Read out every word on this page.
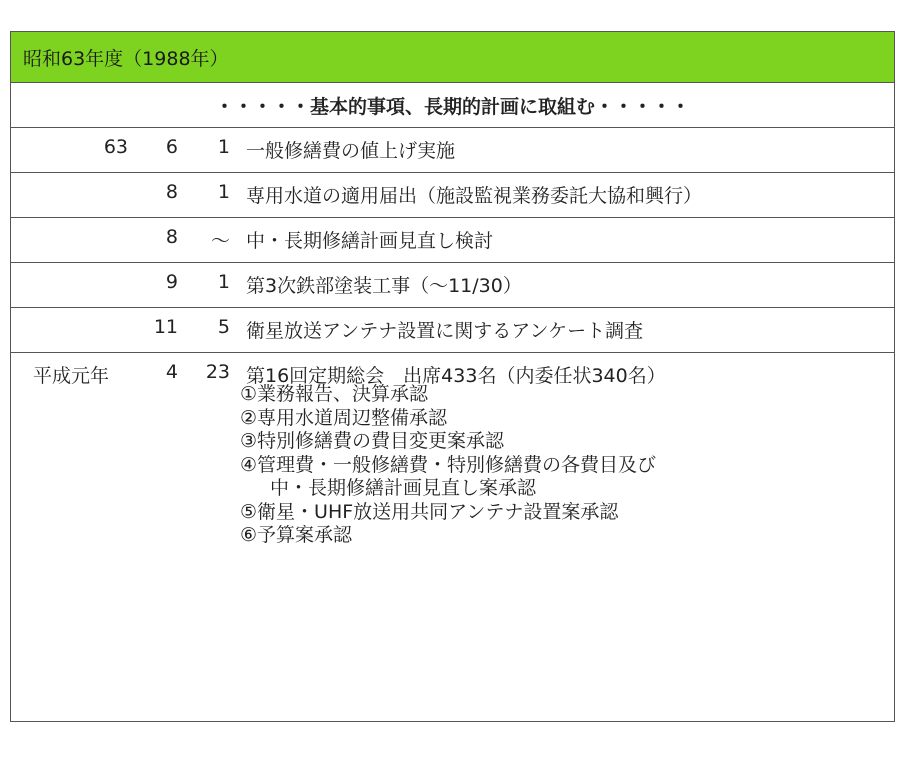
昭和63年度（1988年）
・・・・・基本的事項、長期的計画に取組む・・・・・
63 6 1 一般修繕費の値上げ実施
8 1 専用水道の適用届出（施設監視業務委託大協和興行）
8 ～ 中・長期修繕計画見直し検討
9 1 第3次鉄部塗装工事（～11/30）
11 5 衛星放送アンテナ設置に関するアンケート調査
平成元年	4 23 第16回定期総会　出席433名（内委任状340名）
①業務報告、決算承認
②専用水道周辺整備承認
③特別修繕費の費目変更案承認
④管理費・一般修繕費・特別修繕費の各費目及び
中・長期修繕計画見直し案承認
⑤衛星・UHF放送用共同アンテナ設置案承認
⑥予算案承認
